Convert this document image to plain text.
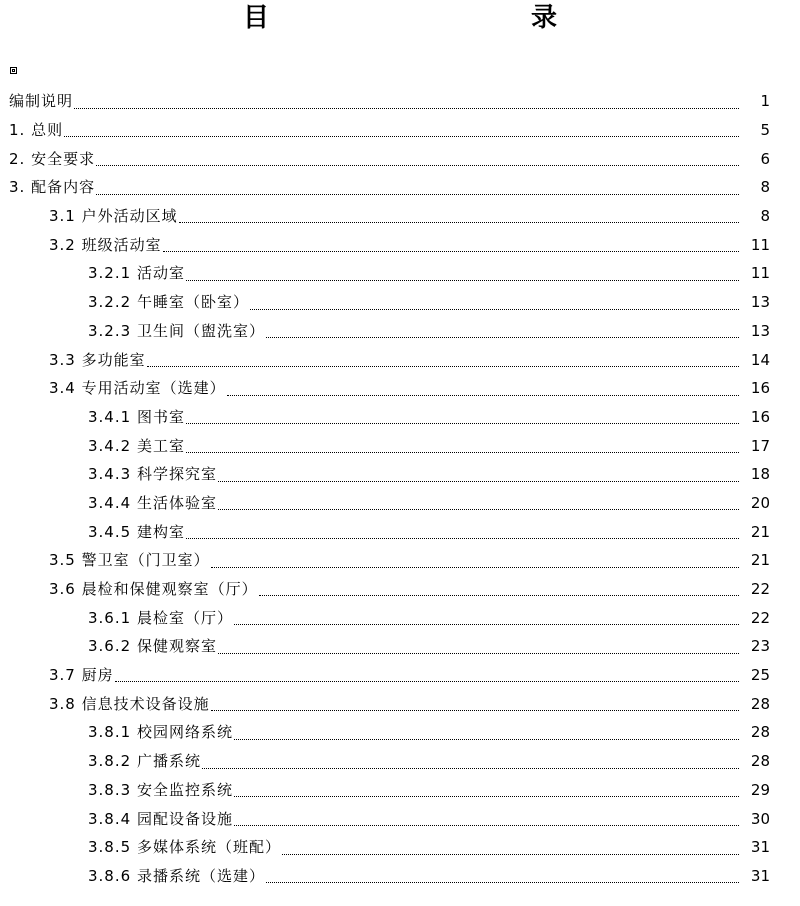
目　　录
编制说明	1
1. 总则	5
2. 安全要求	6
3. 配备内容	8
3.1 户外活动区域	8
3.2 班级活动室	11
3.2.1 活动室	11
3.2.2 午睡室（卧室）	13
3.2.3 卫生间（盥洗室）	13
3.3 多功能室	14
3.4 专用活动室（选建）	16
3.4.1 图书室	16
3.4.2 美工室	17
3.4.3 科学探究室	18
3.4.4 生活体验室	20
3.4.5 建构室	21
3.5 警卫室（门卫室）	21
3.6 晨检和保健观察室（厅）	22
3.6.1 晨检室（厅）	22
3.6.2 保健观察室	23
3.7 厨房	25
3.8 信息技术设备设施	28
3.8.1 校园网络系统	28
3.8.2 广播系统	28
3.8.3 安全监控系统	29
3.8.4 园配设备设施	30
3.8.5 多媒体系统（班配）	31
3.8.6 录播系统（选建）	31
